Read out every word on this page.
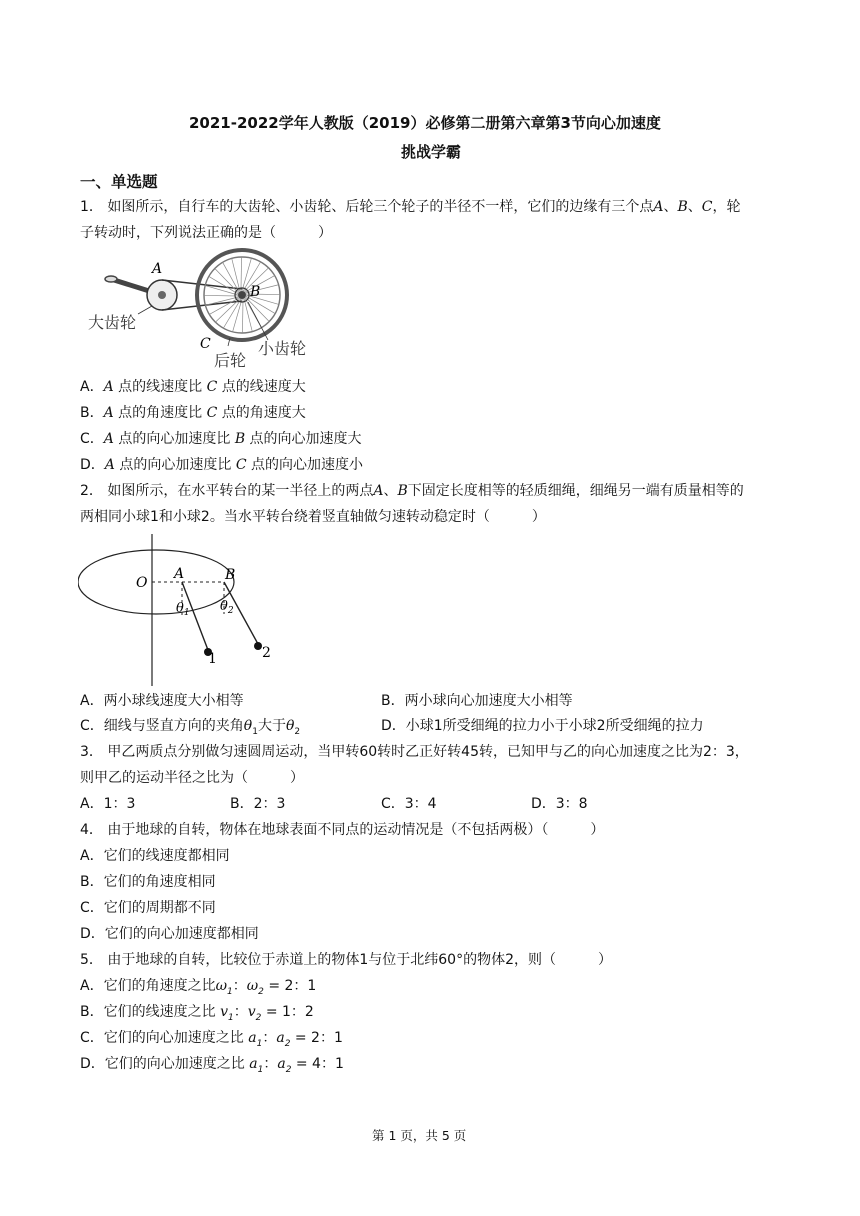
2021-2022学年人教版（2019）必修第二册第六章第3节向心加速度
挑战学霸
一、单选题
1． 如图所示，自行车的大齿轮、小齿轮、后轮三个轮子的半径不一样，它们的边缘有三个点A、B、C，轮
子转动时，下列说法正确的是（　　　）
A
B
C
大齿轮
后轮
小齿轮
A．A 点的线速度比 C 点的线速度大
B．A 点的角速度比 C 点的角速度大
C．A 点的向心加速度比 B 点的向心加速度大
D．A 点的向心加速度比 C 点的向心加速度小
2． 如图所示，在水平转台的某一半径上的两点A、B下固定长度相等的轻质细绳，细绳另一端有质量相等的
两相同小球1和小球2。当水平转台绕着竖直轴做匀速转动稳定时（　　　）
O
A	B
$\theta_1$ $\theta_2$
1	2
A．两小球线速度大小相等	B．两小球向心加速度大小相等
C．细线与竖直方向的夹角$\theta_1$大于$\theta_2$	D．小球1所受细绳的拉力小于小球2所受细绳的拉力
3． 甲乙两质点分别做匀速圆周运动，当甲转60转时乙正好转45转，已知甲与乙的向心加速度之比为2：3，
则甲乙的运动半径之比为（　　　）
A．1：3	B．2：3	C．3：4	D．3：8
4． 由于地球的自转，物体在地球表面不同点的运动情况是（不包括两极）（　　　）
A．它们的线速度都相同
B．它们的角速度相同
C．它们的周期都不同
D．它们的向心加速度都相同
5． 由于地球的自转，比较位于赤道上的物体1与位于北纬60°的物体2，则（　　　）
A．它们的角速度之比$\omega_1$：$\omega_2 = 2$：1
B．它们的线速度之比 $v_1$：$v_2 = 1$：2
C．它们的向心加速度之比 $a_1$：$a_2 = 2$：1
D．它们的向心加速度之比 $a_1$：$a_2 = 4$：1
第 1 页，共 5 页
